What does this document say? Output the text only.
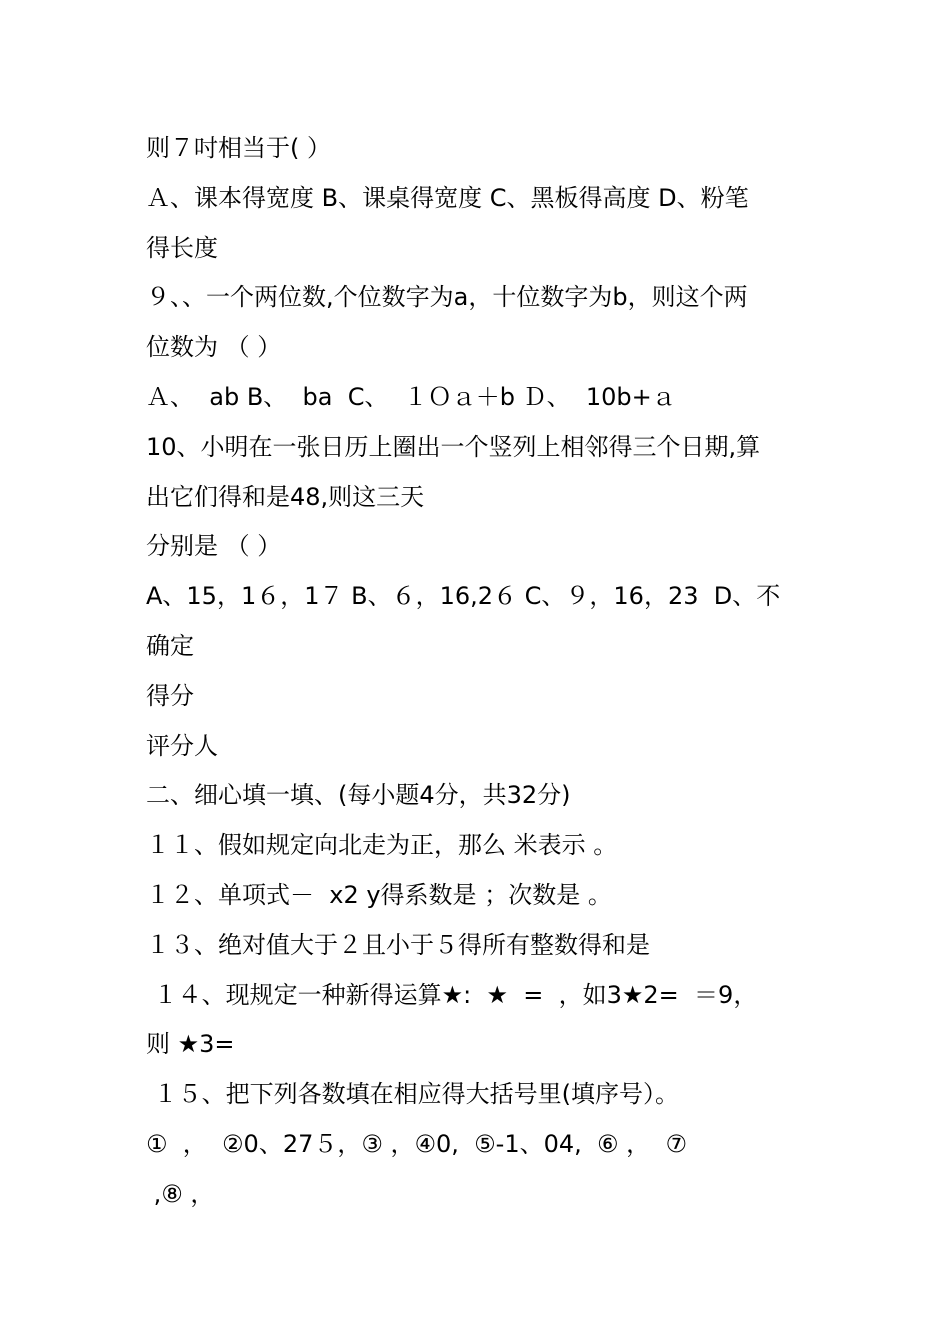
则７吋相当于( ）
Ａ、课本得宽度 B、课桌得宽度 C、黑板得高度 D、粉笔
得长度
９、、一个两位数,个位数字为a，十位数字为b，则这个两
位数为 （ ）
Ａ、  ab B、  ba  C、  １Ｏａ＋b Ｄ、  10b+ａ
10、小明在一张日历上圈出一个竖列上相邻得三个日期,算
出它们得和是48,则这三天
分别是 （ ）
A、15，1６，1７ B、６，16,2６ C、９，16，23  D、不
确定
得分
评分人
二、细心填一填、(每小题4分，共32分)
１１、假如规定向北走为正，那么 米表示 。
１２、单项式－  x2 y得系数是 ；次数是 。
１３、绝对值大于２且小于５得所有整数得和是
１４、现规定一种新得运算★:  ★  =  ，如3★2=  ＝9，
则 ★3=
１５、把下列各数填在相应得大括号里(填序号）。
①  ，  ②0、27５，③ ，④0,  ⑤-1、04,  ⑥ ，  ⑦
,⑧ ，
